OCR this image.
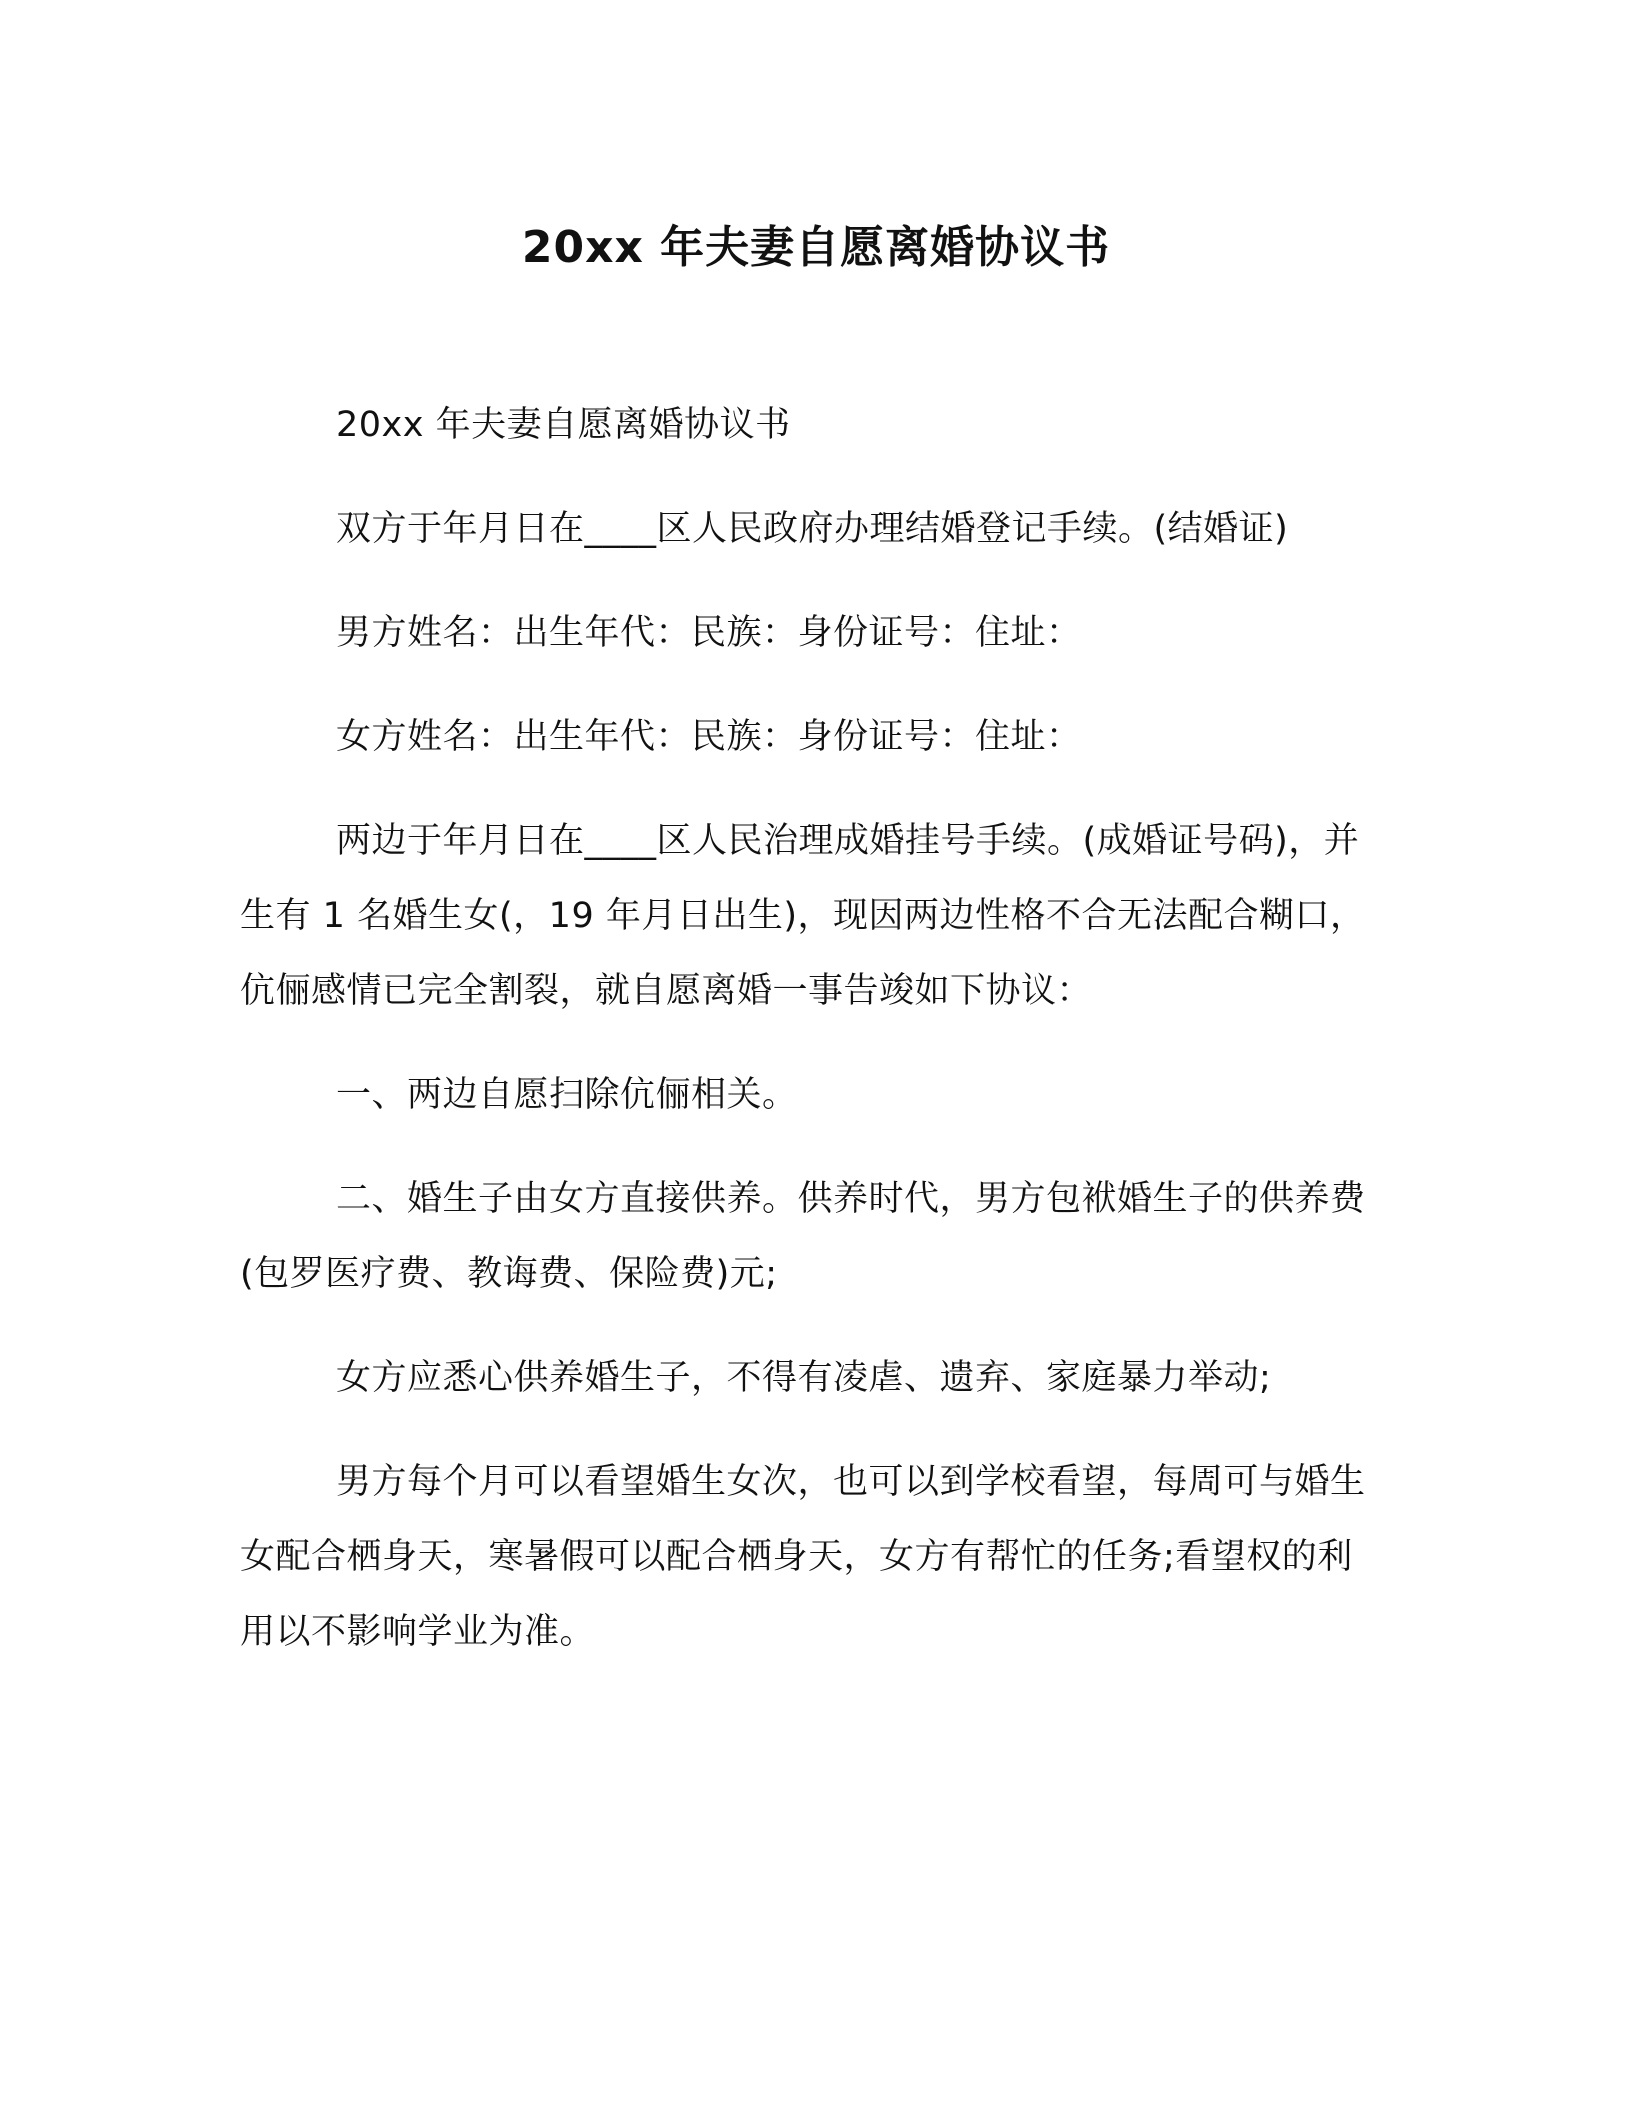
20xx 年夫妻自愿离婚协议书

20xx 年夫妻自愿离婚协议书

双方于年月日在____区人民政府办理结婚登记手续。(结婚证)

男方姓名：出生年代：民族：身份证号：住址：

女方姓名：出生年代：民族：身份证号：住址：

两边于年月日在____区人民治理成婚挂号手续。(成婚证号码)，并生有 1 名婚生女(，19 年月日出生)，现因两边性格不合无法配合糊口，伉俪感情已完全割裂，就自愿离婚一事告竣如下协议：

一、两边自愿扫除伉俪相关。

二、婚生子由女方直接供养。供养时代，男方包袱婚生子的供养费(包罗医疗费、教诲费、保险费)元;

女方应悉心供养婚生子，不得有凌虐、遗弃、家庭暴力举动;

男方每个月可以看望婚生女次，也可以到学校看望，每周可与婚生女配合栖身天，寒暑假可以配合栖身天，女方有帮忙的任务;看望权的利用以不影响学业为准。
